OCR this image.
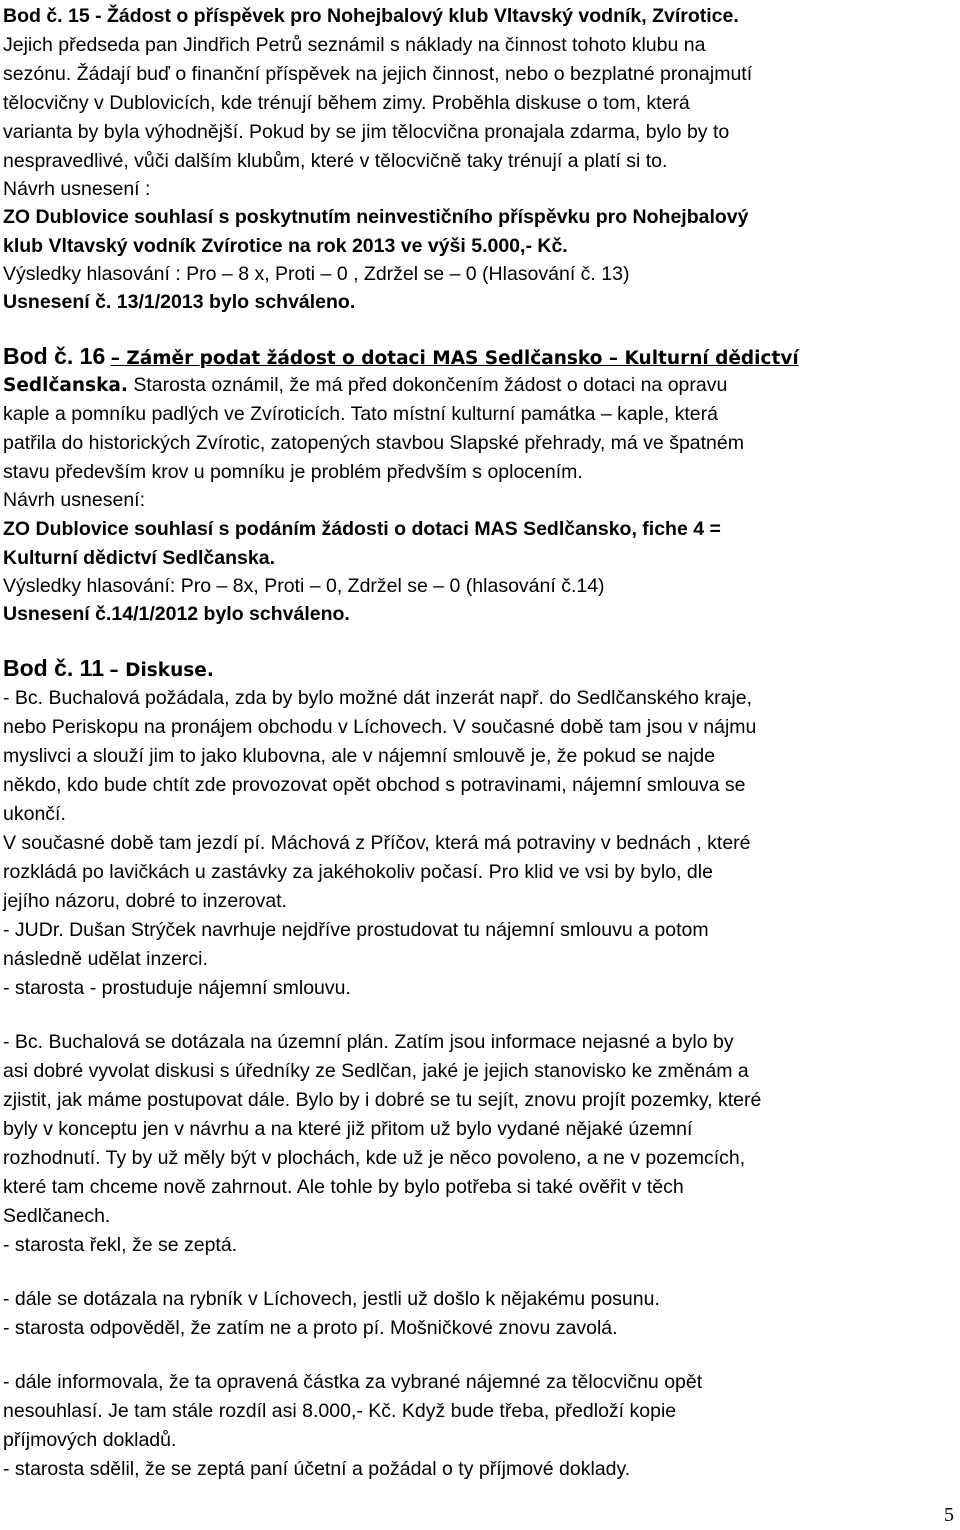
Bod č. 15 - Žádost o příspěvek pro Nohejbalový klub Vltavský vodník, Zvírotice.
Jejich předseda pan Jindřich Petrů seznámil s náklady na činnost tohoto klubu na
sezónu. Žádají buď o finanční příspěvek na jejich činnost, nebo o bezplatné pronajmutí
tělocvičny v Dublovicích, kde trénují během zimy. Proběhla diskuse o tom, která
varianta by byla výhodnější. Pokud by se jim tělocvična pronajala zdarma, bylo by to
nespravedlivé, vůči dalším klubům, které v tělocvičně taky trénují a platí si to.
Návrh usnesení :
ZO Dublovice souhlasí s poskytnutím neinvestičního příspěvku pro Nohejbalový
klub Vltavský vodník Zvírotice na rok 2013 ve výši 5.000,- Kč.
Výsledky hlasování : Pro – 8 x, Proti – 0 , Zdržel se – 0 (Hlasování č. 13)
Usnesení č. 13/1/2013 bylo schváleno.
Bod č. 16 – Záměr podat žádost o dotaci MAS Sedlčansko – Kulturní dědictví
Sedlčanska. Starosta oznámil, že má před dokončením žádost o dotaci na opravu
kaple a pomníku padlých ve Zvíroticích. Tato místní kulturní památka – kaple, která
patřila do historických Zvírotic, zatopených stavbou Slapské přehrady, má ve špatném
stavu především krov u pomníku je problém předvším s oplocením.
Návrh usnesení:
ZO Dublovice souhlasí s podáním žádosti o dotaci MAS Sedlčansko, fiche 4 =
Kulturní dědictví Sedlčanska.
Výsledky hlasování: Pro – 8x, Proti – 0, Zdržel se – 0 (hlasování č.14)
Usnesení č.14/1/2012 bylo schváleno.
Bod č. 11 – Diskuse.
- Bc. Buchalová požádala, zda by bylo možné dát inzerát např. do Sedlčanského kraje,
nebo Periskopu na pronájem obchodu v Líchovech. V současné době tam jsou v nájmu
myslivci a slouží jim to jako klubovna, ale v nájemní smlouvě je, že pokud se najde
někdo, kdo bude chtít zde provozovat opět obchod s potravinami, nájemní smlouva se
ukončí.
V současné době tam jezdí pí. Máchová z Příčov, která má potraviny v bednách , které
rozkládá po lavičkách u zastávky za jakéhokoliv počasí. Pro klid ve vsi by bylo, dle
jejího názoru, dobré to inzerovat.
- JUDr. Dušan Strýček navrhuje nejdříve prostudovat tu nájemní smlouvu a potom
následně udělat inzerci.
- starosta - prostuduje nájemní smlouvu.
- Bc. Buchalová se dotázala na územní plán. Zatím jsou informace nejasné a bylo by
asi dobré vyvolat diskusi s úředníky ze Sedlčan, jaké je jejich stanovisko ke změnám a
zjistit, jak máme postupovat dále. Bylo by i dobré se tu sejít, znovu projít pozemky, které
byly v konceptu jen v návrhu a na které již přitom už bylo vydané nějaké územní
rozhodnutí. Ty by už měly být v plochách, kde už je něco povoleno, a ne v pozemcích,
které tam chceme nově zahrnout. Ale tohle by bylo potřeba si také ověřit v těch
Sedlčanech.
- starosta řekl, že se zeptá.
- dále se dotázala na rybník v Líchovech, jestli už došlo k nějakému posunu.
- starosta odpověděl, že zatím ne a proto pí. Mošničkové znovu zavolá.
- dále informovala, že ta opravená částka za vybrané nájemné za tělocvičnu opět
nesouhlasí. Je tam stále rozdíl asi 8.000,- Kč. Když bude třeba, předloží kopie
příjmových dokladů.
- starosta sdělil, že se zeptá paní účetní a požádal o ty příjmové doklady.
5
